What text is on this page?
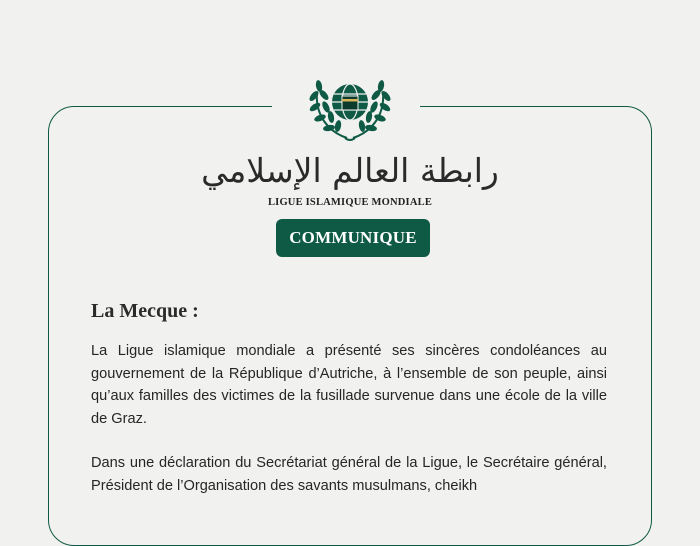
رابطة العالم الإسلامي
LIGUE ISLAMIQUE MONDIALE
COMMUNIQUE
La Mecque :

La Ligue islamique mondiale a présenté ses sincères condoléances au gouvernement de la République d’Autriche, à l’ensemble de son peuple, ainsi qu’aux familles des victimes de la fusillade survenue dans une école de la ville de Graz.

Dans une déclaration du Secrétariat général de la Ligue, le Secrétaire général, Président de l’Organisation des savants musulmans, cheikh
